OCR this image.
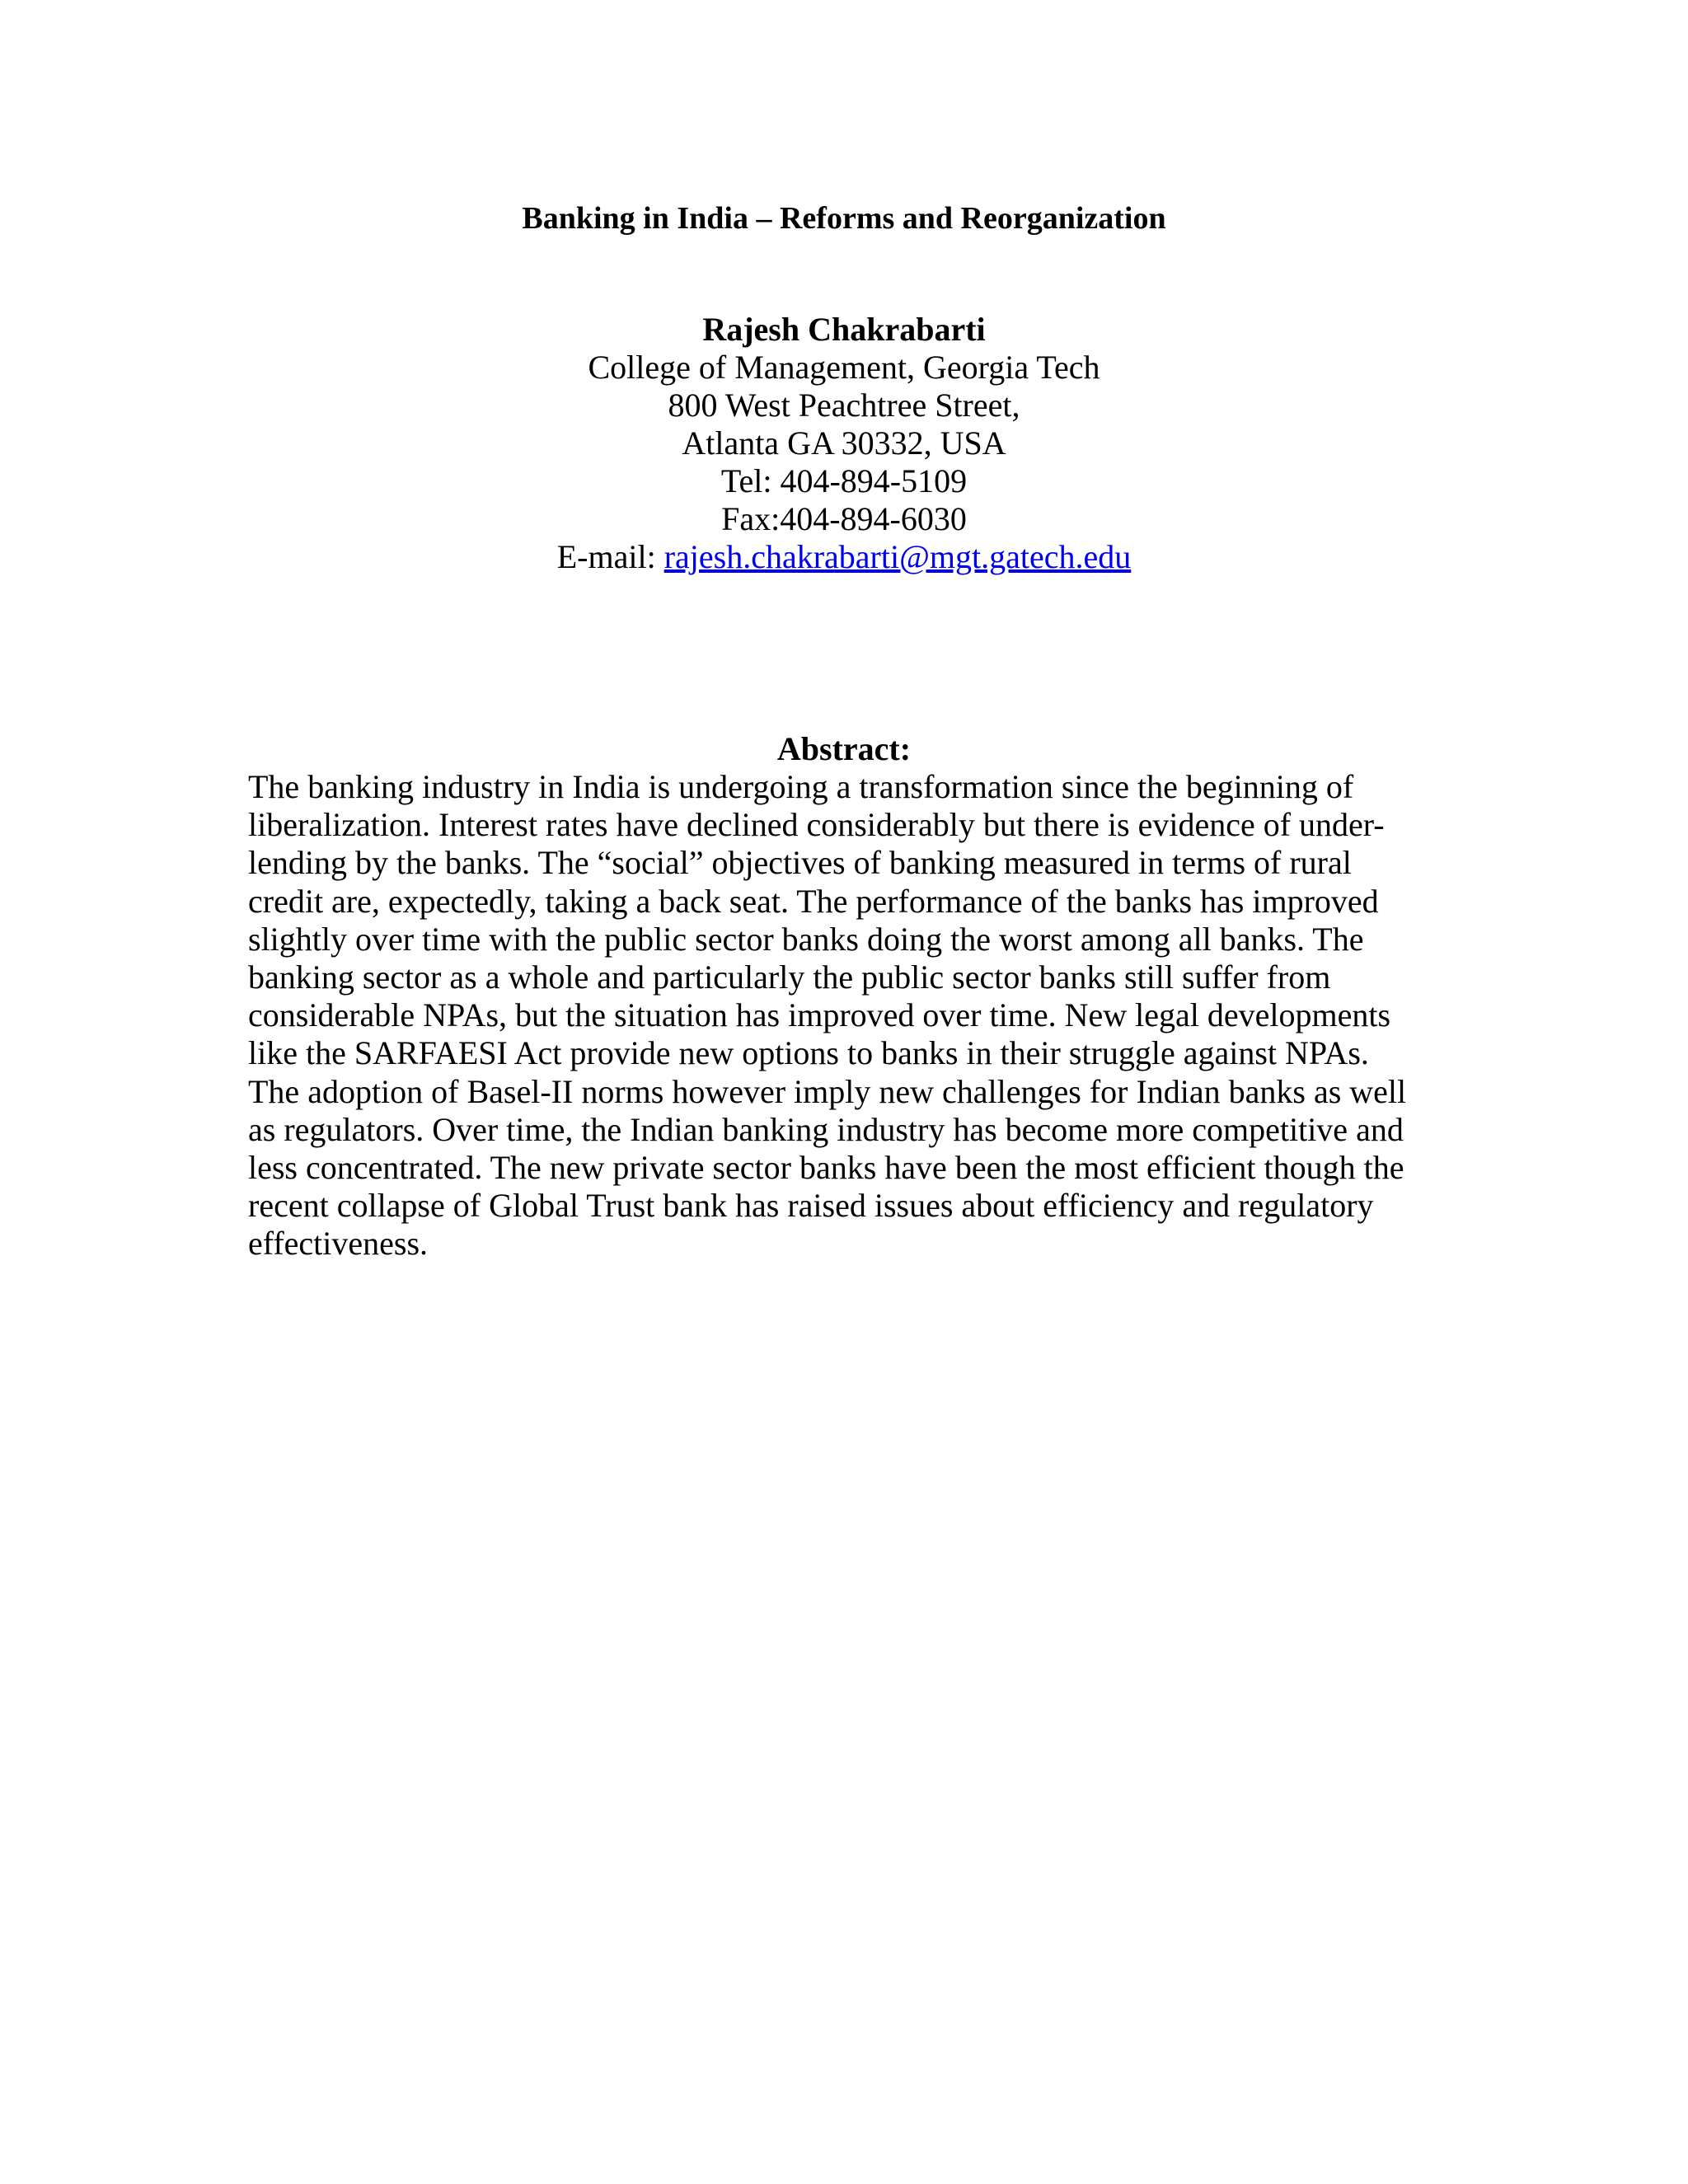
Banking in India – Reforms and Reorganization
Rajesh Chakrabarti
College of Management, Georgia Tech
800 West Peachtree Street,
Atlanta GA 30332, USA
Tel: 404-894-5109
Fax:404-894-6030
E-mail: rajesh.chakrabarti@mgt.gatech.edu
Abstract:
The banking industry in India is undergoing a transformation since the beginning of
liberalization. Interest rates have declined considerably but there is evidence of under-
lending by the banks. The “social” objectives of banking measured in terms of rural
credit are, expectedly, taking a back seat. The performance of the banks has improved
slightly over time with the public sector banks doing the worst among all banks. The
banking sector as a whole and particularly the public sector banks still suffer from
considerable NPAs, but the situation has improved over time. New legal developments
like the SARFAESI Act provide new options to banks in their struggle against NPAs.
The adoption of Basel-II norms however imply new challenges for Indian banks as well
as regulators. Over time, the Indian banking industry has become more competitive and
less concentrated. The new private sector banks have been the most efficient though the
recent collapse of Global Trust bank has raised issues about efficiency and regulatory
effectiveness.
